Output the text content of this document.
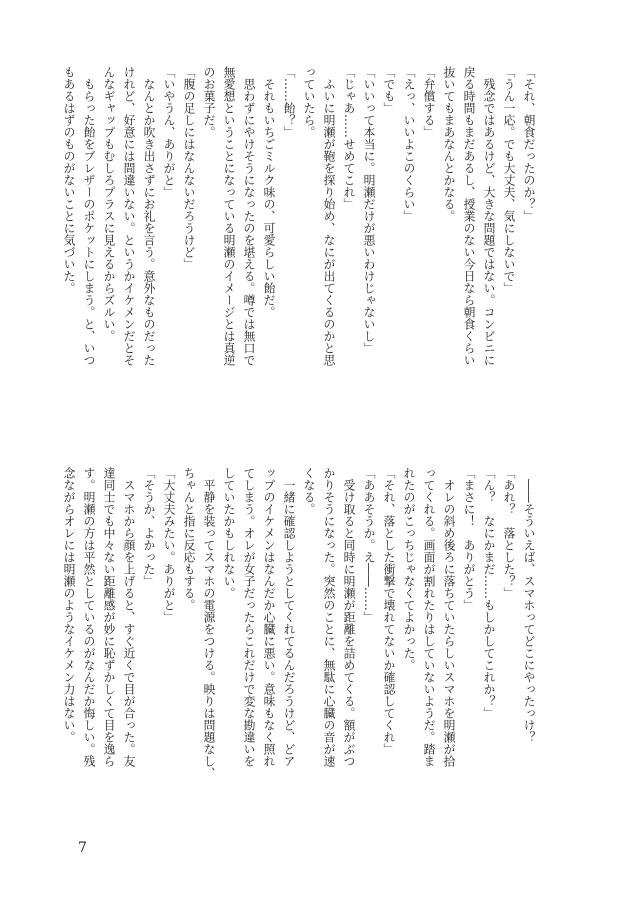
「それ、朝食だったのか？」
「うん一応。でも大丈夫、気にしないで」
　残念ではあるけど、大きな問題ではない。コンビニに
戻る時間もまだあるし、授業のない今日なら朝食くらい
抜いてもまあなんとかなる。
「弁償する」
「えっ、いいよこのくらい」
「でも」
「いいって本当に。明瀬だけが悪いわけじゃないし」
「じゃあ……せめてこれ」
　ふいに明瀬が鞄を探り始め、なにが出てくるのかと思
っていたら。
「……飴？」
　それもいちごミルク味の、可愛らしい飴だ。
　思わずにやけそうになったのを堪える。噂では無口で
無愛想ということになっている明瀬のイメージとは真逆
のお菓子だ。
「腹の足しにはなんないだろうけど」
「いやうん、ありがと」
　なんとか吹き出さずにお礼を言う。意外なものだった
けれど、好意には間違いない。というかイケメンだとそ
んなギャップもむしろプラスに見えるからズルい。
　もらった飴をブレザーのポケットにしまう。と、いつ
もあるはずのものがないことに気づいた。
　――そういえば、スマホってどこにやったっけ？
「あれ？　落とした？」
「ん？　なにかまだ……もしかしてこれか？」
「まさに！　ありがとう」
　オレの斜め後ろに落ちていたらしいスマホを明瀬が拾
ってくれる。画面が割れたりはしていないようだ。踏ま
れたのがこっちじゃなくてよかった。
「それ、落とした衝撃で壊れてないか確認してくれ」
「ああそうか。え――……」
　受け取ると同時に明瀬が距離を詰めてくる。額がぶつ
かりそうになった。突然のことに、無駄に心臓の音が速
くなる。
　一緒に確認しようとしてくれてるんだろうけど、どア
ップのイケメンはなんだか心臓に悪い。意味もなく照れ
てしまう。オレが女子だったらこれだけで変な勘違いを
していたかもしれない。
　平静を装ってスマホの電源をつける。映りは問題なし、
ちゃんと指に反応もする。
「大丈夫みたい。ありがと」
「そうか、よかった」
　スマホから顔を上げると、すぐ近くで目が合った。友
達同士でも中々ない距離感が妙に恥ずかしくて目を逸ら
す。明瀬の方は平然としているのがなんだか悔しい。残
念ながらオレには明瀬のようなイケメン力はない。
7
